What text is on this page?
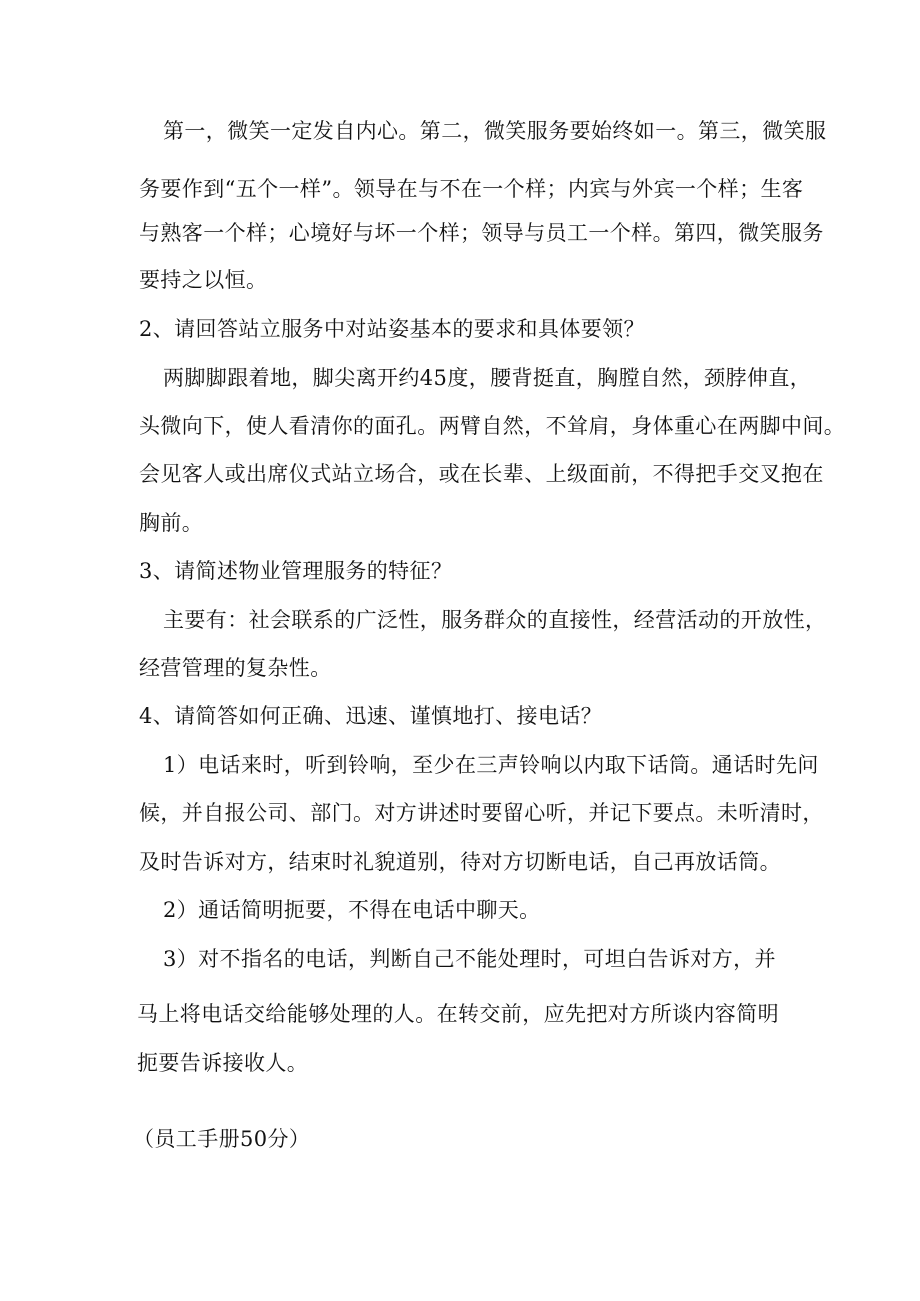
第一，微笑一定发自内心。第二，微笑服务要始终如一。第三，微笑服
务要作到“五个一样”。领导在与不在一个样；内宾与外宾一个样；生客
与熟客一个样；心境好与坏一个样；领导与员工一个样。第四，微笑服务
要持之以恒。
2、请回答站立服务中对站姿基本的要求和具体要领？
两脚脚跟着地，脚尖离开约45度，腰背挺直，胸膛自然，颈脖伸直，
头微向下，使人看清你的面孔。两臂自然，不耸肩，身体重心在两脚中间。
会见客人或出席仪式站立场合，或在长辈、上级面前，不得把手交叉抱在
胸前。
3、请简述物业管理服务的特征？
主要有：社会联系的广泛性，服务群众的直接性，经营活动的开放性，
经营管理的复杂性。
4、请简答如何正确、迅速、谨慎地打、接电话？
1）电话来时，听到铃响，至少在三声铃响以内取下话筒。通话时先问
候，并自报公司、部门。对方讲述时要留心听，并记下要点。未听清时，
及时告诉对方，结束时礼貌道别，待对方切断电话，自己再放话筒。
2）通话简明扼要，不得在电话中聊天。
3）对不指名的电话，判断自己不能处理时，可坦白告诉对方，并
马上将电话交给能够处理的人。在转交前，应先把对方所谈内容简明
扼要告诉接收人。
（员工手册50分）
